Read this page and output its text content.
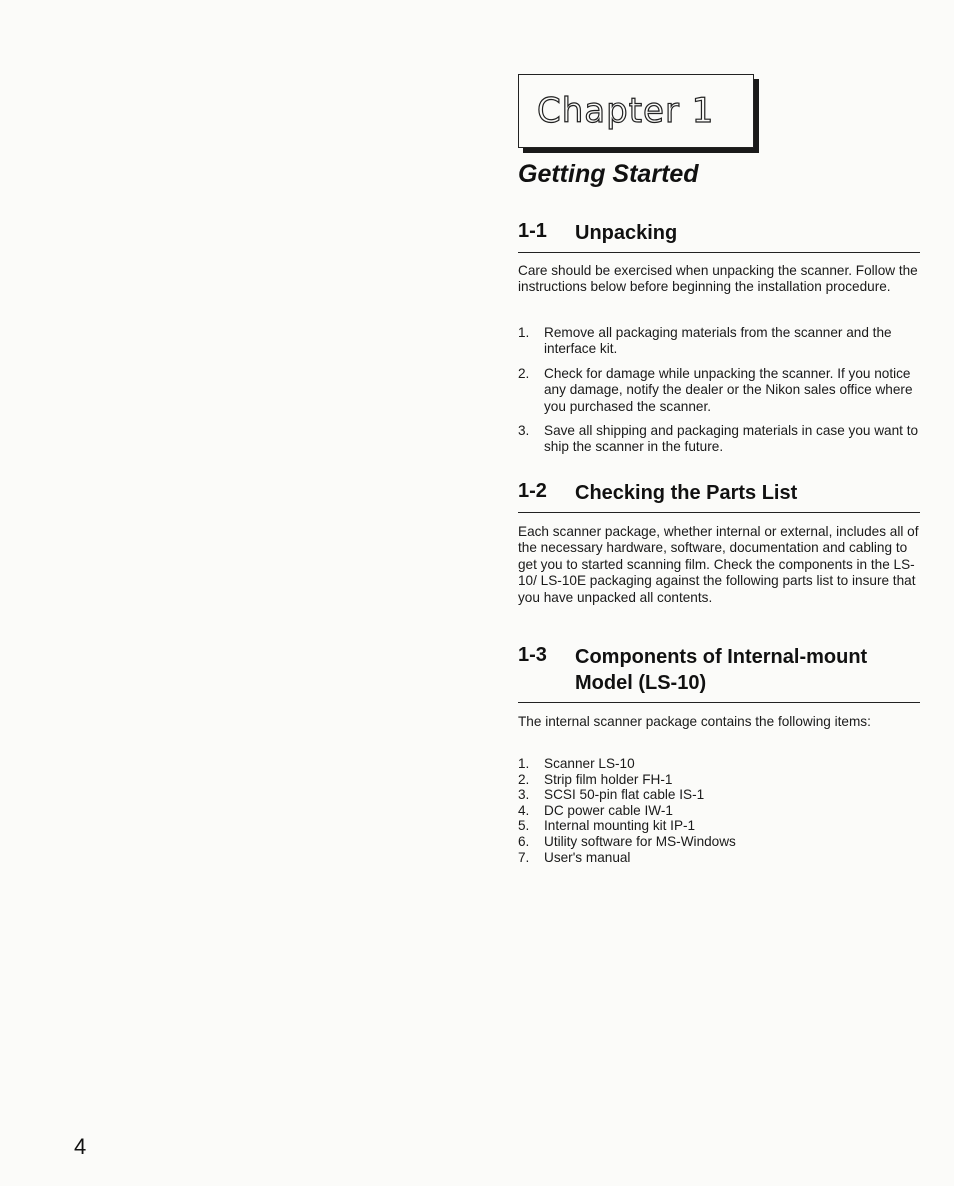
Chapter 1
Getting Started
1-1 Unpacking
Care should be exercised when unpacking the scanner. Follow the instructions below before beginning the installation procedure.
1. Remove all packaging materials from the scanner and the interface kit.
2. Check for damage while unpacking the scanner. If you notice any damage, notify the dealer or the Nikon sales office where you purchased the scanner.
3. Save all shipping and packaging materials in case you want to ship the scanner in the future.
1-2 Checking the Parts List
Each scanner package, whether internal or external, includes all of the necessary hardware, software, documentation and cabling to get you to started scanning film. Check the components in the LS-10/ LS-10E packaging against the following parts list to insure that you have unpacked all contents.
1-3 Components of Internal-mount Model (LS-10)
The internal scanner package contains the following items:
1. Scanner LS-10
2. Strip film holder FH-1
3. SCSI 50-pin flat cable IS-1
4. DC power cable IW-1
5. Internal mounting kit IP-1
6. Utility software for MS-Windows
7. User's manual
4
